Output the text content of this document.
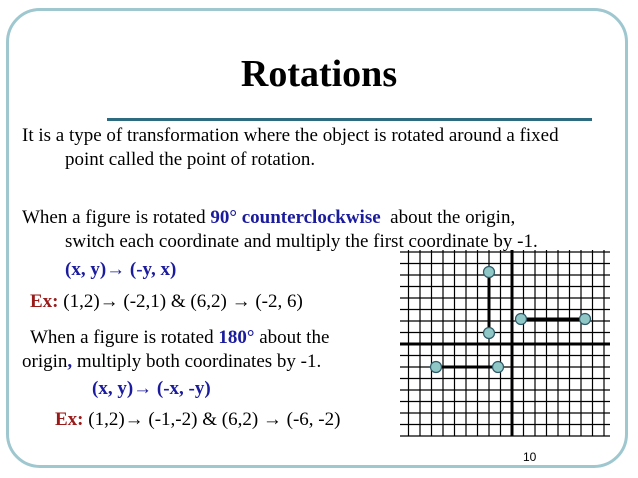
Rotations
It is a type of transformation where the object is rotated around a fixed
point called the point of rotation.
When a figure is rotated 90° counterclockwise  about the origin,
switch each coordinate and multiply the first coordinate by -1.
(x, y)→ (-y, x)
Ex: (1,2)→ (-2,1) & (6,2) → (-2, 6)
When a figure is rotated 180° about the
origin, multiply both coordinates by -1.
(x, y)→ (-x, -y)
Ex: (1,2)→ (-1,-2) & (6,2) → (-6, -2)
10
